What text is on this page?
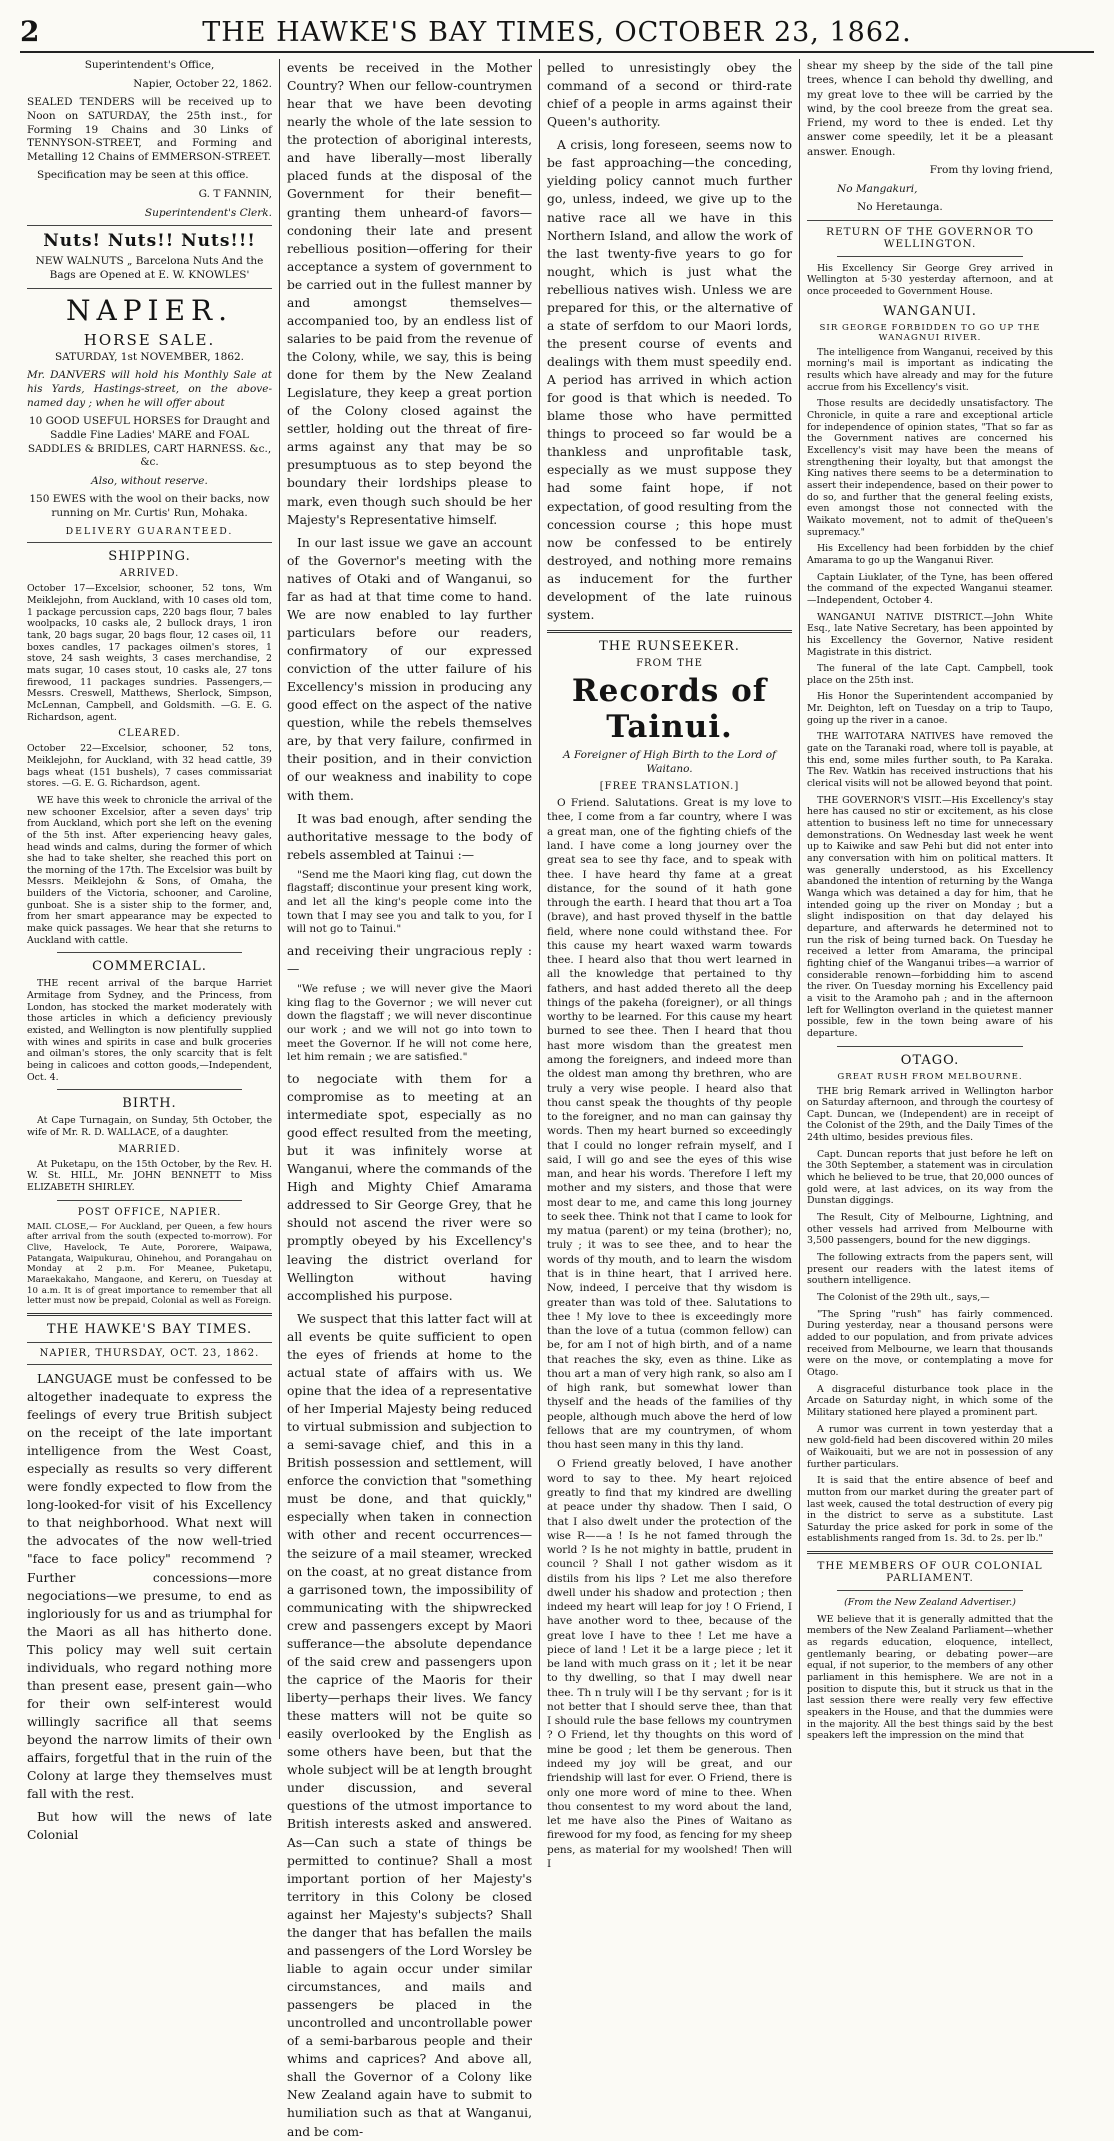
2	THE HAWKE'S BAY TIMES, OCTOBER 23, 1862.

Superintendent's Office,

Napier, October 22, 1862.

SEALED TENDERS will be received up to Noon on SATURDAY, the 25th inst., for Forming 19 Chains and 30 Links of TENNYSON-STREET, and Forming and Metalling 12 Chains of EMMERSON-STREET.

Specification may be seen at this office.

G. T FANNIN,

Superintendent's Clerk.

Nuts! Nuts!! Nuts!!!

NEW WALNUTS „ Barcelona Nuts And the Bags are Opened at E. W. KNOWLES'

NAPIER.

HORSE SALE.

SATURDAY, 1st NOVEMBER, 1862.

Mr. DANVERS will hold his Monthly Sale at his Yards, Hastings-street, on the above-named day ; when he will offer about

10 GOOD USEFUL HORSES for Draught and Saddle Fine Ladies' MARE and FOAL SADDLES & BRIDLES, CART HARNESS. &c., &c.

Also, without reserve.

150 EWES with the wool on their backs, now running on Mr. Curtis' Run, Mohaka.

DELIVERY GUARANTEED.

SHIPPING.

ARRIVED.

October 17—Excelsior, schooner, 52 tons, Wm Meiklejohn, from Auckland, with 10 cases old tom, 1 package percussion caps, 220 bags flour, 7 bales woolpacks, 10 casks ale, 2 bullock drays, 1 iron tank, 20 bags sugar, 20 bags flour, 12 cases oil, 11 boxes candles, 17 packages oilmen's stores, 1 stove, 24 sash weights, 3 cases merchandise, 2 mats sugar, 10 cases stout, 10 casks ale, 27 tons firewood, 11 packages sundries. Passengers,—Messrs. Creswell, Matthews, Sherlock, Simpson, McLennan, Campbell, and Goldsmith. —G. E. G. Richardson, agent.

CLEARED.

October 22—Excelsior, schooner, 52 tons, Meiklejohn, for Auckland, with 32 head cattle, 39 bags wheat (151 bushels), 7 cases commissariat stores. —G. E. G. Richardson, agent.

WE have this week to chronicle the arrival of the new schooner Excelsior, after a seven days' trip from Auckland, which port she left on the evening of the 5th inst. After experiencing heavy gales, head winds and calms, during the former of which she had to take shelter, she reached this port on the morning of the 17th. The Excelsior was built by Messrs. Meiklejohn & Sons, of Omaha, the builders of the Victoria, schooner, and Caroline, gunboat. She is a sister ship to the former, and, from her smart appearance may be expected to make quick passages. We hear that she returns to Auckland with cattle.

COMMERCIAL.

THE recent arrival of the barque Harriet Armitage from Sydney, and the Princess, from London, has stocked the market moderately with those articles in which a deficiency previously existed, and Wellington is now plentifully supplied with wines and spirits in case and bulk groceries and oilman's stores, the only scarcity that is felt being in calicoes and cotton goods,—Independent, Oct. 4.

BIRTH.

At Cape Turnagain, on Sunday, 5th October, the wife of Mr. R. D. WALLACE, of a daughter.

MARRIED.

At Puketapu, on the 15th October, by the Rev. H. W. St. HILL, Mr. JOHN BENNETT to Miss ELIZABETH SHIRLEY.

POST OFFICE, NAPIER.

MAIL CLOSE,— For Auckland, per Queen, a few hours after arrival from the south (expected to-morrow). For Clive, Havelock, Te Aute, Pororere, Waipawa, Patangata, Waipukurau, Ohinehou, and Porangahau on Monday at 2 p.m. For Meanee, Puketapu, Maraekakaho, Mangaone, and Kereru, on Tuesday at 10 a.m. It is of great importance to remember that all letter must now be prepaid, Colonial as well as Foreign.

THE HAWKE'S BAY TIMES.

NAPIER, THURSDAY, OCT. 23, 1862.

LANGUAGE must be confessed to be altogether inadequate to express the feelings of every true British subject on the receipt of the late important intelligence from the West Coast, especially as results so very different were fondly expected to flow from the long-looked-for visit of his Excellency to that neighborhood. What next will the advocates of the now well-tried "face to face policy" recommend ? Further concessions—more negociations—we presume, to end as ingloriously for us and as triumphal for the Maori as all has hitherto done. This policy may well suit certain individuals, who regard nothing more than present ease, present gain—who for their own self-interest would willingly sacrifice all that seems beyond the narrow limits of their own affairs, forgetful that in the ruin of the Colony at large they themselves must fall with the rest.

But how will the news of late Colonial

events be received in the Mother Country? When our fellow-countrymen hear that we have been devoting nearly the whole of the late session to the protection of aboriginal interests, and have liberally—most liberally placed funds at the disposal of the Government for their benefit—granting them unheard-of favors—condoning their late and present rebellious position—offering for their acceptance a system of government to be carried out in the fullest manner by and amongst themselves—accompanied too, by an endless list of salaries to be paid from the revenue of the Colony, while, we say, this is being done for them by the New Zealand Legislature, they keep a great portion of the Colony closed against the settler, holding out the threat of fire-arms against any that may be so presumptuous as to step beyond the boundary their lordships please to mark, even though such should be her Majesty's Representative himself.

In our last issue we gave an account of the Governor's meeting with the natives of Otaki and of Wanganui, so far as had at that time come to hand. We are now enabled to lay further particulars before our readers, confirmatory of our expressed conviction of the utter failure of his Excellency's mission in producing any good effect on the aspect of the native question, while the rebels themselves are, by that very failure, confirmed in their position, and in their conviction of our weakness and inability to cope with them.

It was bad enough, after sending the authoritative message to the body of rebels assembled at Tainui :—

"Send me the Maori king flag, cut down the flagstaff; discontinue your present king work, and let all the king's people come into the town that I may see you and talk to you, for I will not go to Tainui."

and receiving their ungracious reply :—

"We refuse ; we will never give the Maori king flag to the Governor ; we will never cut down the flagstaff ; we will never discontinue our work ; and we will not go into town to meet the Governor. If he will not come here, let him remain ; we are satisfied."

to negociate with them for a compromise as to meeting at an intermediate spot, especially as no good effect resulted from the meeting, but it was infinitely worse at Wanganui, where the commands of the High and Mighty Chief Amarama addressed to Sir George Grey, that he should not ascend the river were so promptly obeyed by his Excellency's leaving the district overland for Wellington without having accomplished his purpose.

We suspect that this latter fact will at all events be quite sufficient to open the eyes of friends at home to the actual state of affairs with us. We opine that the idea of a representative of her Imperial Majesty being reduced to virtual submission and subjection to a semi-savage chief, and this in a British possession and settlement, will enforce the conviction that "something must be done, and that quickly," especially when taken in connection with other and recent occurrences—the seizure of a mail steamer, wrecked on the coast, at no great distance from a garrisoned town, the impossibility of communicating with the shipwrecked crew and passengers except by Maori sufferance—the absolute dependance of the said crew and passengers upon the caprice of the Maoris for their liberty—perhaps their lives. We fancy these matters will not be quite so easily overlooked by the English as some others have been, but that the whole subject will be at length brought under discussion, and several questions of the utmost importance to British interests asked and answered. As—Can such a state of things be permitted to continue? Shall a most important portion of her Majesty's territory in this Colony be closed against her Majesty's subjects? Shall the danger that has befallen the mails and passengers of the Lord Worsley be liable to again occur under similar circumstances, and mails and passengers be placed in the uncontrolled and uncontrollable power of a semi-barbarous people and their whims and caprices? And above all, shall the Governor of a Colony like New Zealand again have to submit to humiliation such as that at Wanganui, and be com-

pelled to unresistingly obey the command of a second or third-rate chief of a people in arms against their Queen's authority.

A crisis, long foreseen, seems now to be fast approaching—the conceding, yielding policy cannot much further go, unless, indeed, we give up to the native race all we have in this Northern Island, and allow the work of the last twenty-five years to go for nought, which is just what the rebellious natives wish. Unless we are prepared for this, or the alternative of a state of serfdom to our Maori lords, the present course of events and dealings with them must speedily end. A period has arrived in which action for good is that which is needed. To blame those who have permitted things to proceed so far would be a thankless and unprofitable task, especially as we must suppose they had some faint hope, if not expectation, of good resulting from the concession course ; this hope must now be confessed to be entirely destroyed, and nothing more remains as inducement for the further development of the late ruinous system.

THE RUNSEEKER.

FROM THE

Records of Tainui.

A Foreigner of High Birth to the Lord of Waitano.

[FREE TRANSLATION.]

O Friend. Salutations. Great is my love to thee, I come from a far country, where I was a great man, one of the fighting chiefs of the land. I have come a long journey over the great sea to see thy face, and to speak with thee. I have heard thy fame at a great distance, for the sound of it hath gone through the earth. I heard that thou art a Toa (brave), and hast proved thyself in the battle field, where none could withstand thee. For this cause my heart waxed warm towards thee. I heard also that thou wert learned in all the knowledge that pertained to thy fathers, and hast added thereto all the deep things of the pakeha (foreigner), or all things worthy to be learned. For this cause my heart burned to see thee. Then I heard that thou hast more wisdom than the greatest men among the foreigners, and indeed more than the oldest man among thy brethren, who are truly a very wise people. I heard also that thou canst speak the thoughts of thy people to the foreigner, and no man can gainsay thy words. Then my heart burned so exceedingly that I could no longer refrain myself, and I said, I will go and see the eyes of this wise man, and hear his words. Therefore I left my mother and my sisters, and those that were most dear to me, and came this long journey to seek thee. Think not that I came to look for my matua (parent) or my teina (brother); no, truly ; it was to see thee, and to hear the words of thy mouth, and to learn the wisdom that is in thine heart, that I arrived here. Now, indeed, I perceive that thy wisdom is greater than was told of thee. Salutations to thee ! My love to thee is exceedingly more than the love of a tutua (common fellow) can be, for am I not of high birth, and of a name that reaches the sky, even as thine. Like as thou art a man of very high rank, so also am I of high rank, but somewhat lower than thyself and the heads of the families of thy people, although much above the herd of low fellows that are my countrymen, of whom thou hast seen many in this thy land.

O Friend greatly beloved, I have another word to say to thee. My heart rejoiced greatly to find that my kindred are dwelling at peace under thy shadow. Then I said, O that I also dwelt under the protection of the wise R——a ! Is he not famed through the world ? Is he not mighty in battle, prudent in council ? Shall I not gather wisdom as it distils from his lips ? Let me also therefore dwell under his shadow and protection ; then indeed my heart will leap for joy ! O Friend, I have another word to thee, because of the great love I have to thee ! Let me have a piece of land ! Let it be a large piece ; let it be land with much grass on it ; let it be near to thy dwelling, so that I may dwell near thee. Th n truly will I be thy servant ; for is it not better that I should serve thee, than that I should rule the base fellows my countrymen ? O Friend, let thy thoughts on this word of mine be good ; let them be generous. Then indeed my joy will be great, and our friendship will last for ever. O Friend, there is only one more word of mine to thee. When thou consentest to my word about the land, let me have also the Pines of Waitano as firewood for my food, as fencing for my sheep pens, as material for my woolshed! Then will I

shear my sheep by the side of the tall pine trees, whence I can behold thy dwelling, and my great love to thee will be carried by the wind, by the cool breeze from the great sea. Friend, my word to thee is ended. Let thy answer come speedily, let it be a pleasant answer. Enough.

From thy loving friend,

No Mangakuri,

No Heretaunga.

RETURN OF THE GOVERNOR TO WELLINGTON.

His Excellency Sir George Grey arrived in Wellington at 5·30 yesterday afternoon, and at once proceeded to Government House.

WANGANUI.

SIR GEORGE FORBIDDEN TO GO UP THE WANAGNUI RIVER.

The intelligence from Wanganui, received by this morning's mail is important as indicating the results which have already and may for the future accrue from his Excellency's visit.

Those results are decidedly unsatisfactory. The Chronicle, in quite a rare and exceptional article for independence of opinion states, "That so far as the Government natives are concerned his Excellency's visit may have been the means of strengthening their loyalty, but that amongst the King natives there seems to be a determination to assert their independence, based on their power to do so, and further that the general feeling exists, even amongst those not connected with the Waikato movement, not to admit of theQueen's supremacy."

His Excellency had been forbidden by the chief Amarama to go up the Wanganui River.

Captain Liuklater, of the Tyne, has been offered the command of the expected Wanganui steamer. —Independent, October 4.

WANGANUI NATIVE DISTRICT.—John White Esq., late Native Secretary, has been appointed by his Excellency the Governor, Native resident Magistrate in this district.

The funeral of the late Capt. Campbell, took place on the 25th inst.

His Honor the Superintendent accompanied by Mr. Deighton, left on Tuesday on a trip to Taupo, going up the river in a canoe.

THE WAITOTARA NATIVES have removed the gate on the Taranaki road, where toll is payable, at this end, some miles further south, to Pa Karaka. The Rev. Watkin has received instructions that his clerical visits will not be allowed beyond that point.

THE GOVERNOR'S VISIT.—His Excellency's stay here has caused no stir or excitement, as his close attention to business left no time for unnecessary demonstrations. On Wednesday last week he went up to Kaiwike and saw Pehi but did not enter into any conversation with him on political matters. It was generally understood, as his Excellency abandoned the intention of returning by the Wanga Wanga which was detained a day for him, that he intended going up the river on Monday ; but a slight indisposition on that day delayed his departure, and afterwards he determined not to run the risk of being turned back. On Tuesday he received a letter from Amarama, the principal fighting chief of the Wanganui tribes—a warrior of considerable renown—forbidding him to ascend the river. On Tuesday morning his Excellency paid a visit to the Aramoho pah ; and in the afternoon left for Wellington overland in the quietest manner possible, few in the town being aware of his departure.

OTAGO.

GREAT RUSH FROM MELBOURNE.

THE brig Remark arrived in Wellington harbor on Saturday afternoon, and through the courtesy of Capt. Duncan, we (Independent) are in receipt of the Colonist of the 29th, and the Daily Times of the 24th ultimo, besides previous files.

Capt. Duncan reports that just before he left on the 30th September, a statement was in circulation which he believed to be true, that 20,000 ounces of gold were, at last advices, on its way from the Dunstan diggings.

The Result, City of Melbourne, Lightning, and other vessels had arrived from Melbourne with 3,500 passengers, bound for the new diggings.

The following extracts from the papers sent, will present our readers with the latest items of southern intelligence.

The Colonist of the 29th ult., says,—

"The Spring "rush" has fairly commenced. During yesterday, near a thousand persons were added to our population, and from private advices received from Melbourne, we learn that thousands were on the move, or contemplating a move for Otago.

A disgraceful disturbance took place in the Arcade on Saturday night, in which some of the Military stationed here played a prominent part.

A rumor was current in town yesterday that a new gold-field had been discovered within 20 miles of Waikouaiti, but we are not in possession of any further particulars.

It is said that the entire absence of beef and mutton from our market during the greater part of last week, caused the total destruction of every pig in the district to serve as a substitute. Last Saturday the price asked for pork in some of the establishments ranged from 1s. 3d. to 2s. per lb."

THE MEMBERS OF OUR COLONIAL PARLIAMENT.

(From the New Zealand Advertiser.)

WE believe that it is generally admitted that the members of the New Zealand Parliament—whether as regards education, eloquence, intellect, gentlemanly bearing, or debating power—are equal, if not superior, to the members of any other parliament in this hemisphere. We are not in a position to dispute this, but it struck us that in the last session there were really very few effective speakers in the House, and that the dummies were in the majority. All the best things said by the best speakers left the impression on the mind that
